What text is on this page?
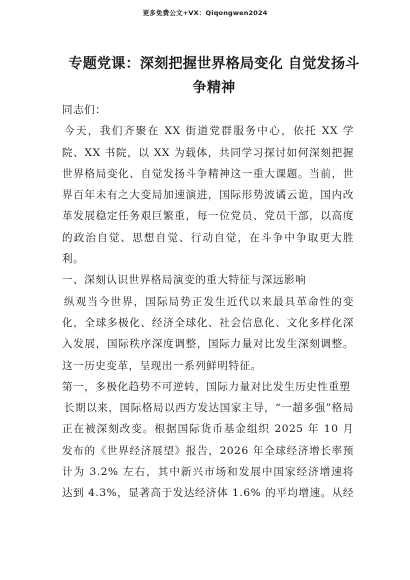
更多免费公文+VX：Qiqongwen2024
专题党课：深刻把握世界格局变化 自觉发扬斗争精神

同志们：

今天，我们齐聚在 XX 街道党群服务中心，依托 XX 学院、XX 书院，以 XX 为载体，共同学习探讨如何深刻把握世界格局变化、自觉发扬斗争精神这一重大课题。当前，世界百年未有之大变局加速演进，国际形势波谲云诡，国内改革发展稳定任务艰巨繁重，每一位党员、党员干部，以高度的政治自觉、思想自觉、行动自觉，在斗争中争取更大胜利。

一、深刻认识世界格局演变的重大特征与深远影响

纵观当今世界，国际局势正发生近代以来最具革命性的变化，全球多极化、经济全球化、社会信息化、文化多样化深入发展，国际秩序深度调整，国际力量对比发生深刻调整。这一历史变革，呈现出一系列鲜明特征。

第一，多极化趋势不可逆转，国际力量对比发生历史性重塑

长期以来，国际格局以西方发达国家主导，“一超多强”格局正在被深刻改变。根据国际货币基金组织 2025 年 10 月发布的《世界经济展望》报告，2026 年全球经济增长率预计为 3.2% 左右，其中新兴市场和发展中国家经济增速将达到 4.3%，显著高于发达经济体 1.6% 的平均增速。从经
